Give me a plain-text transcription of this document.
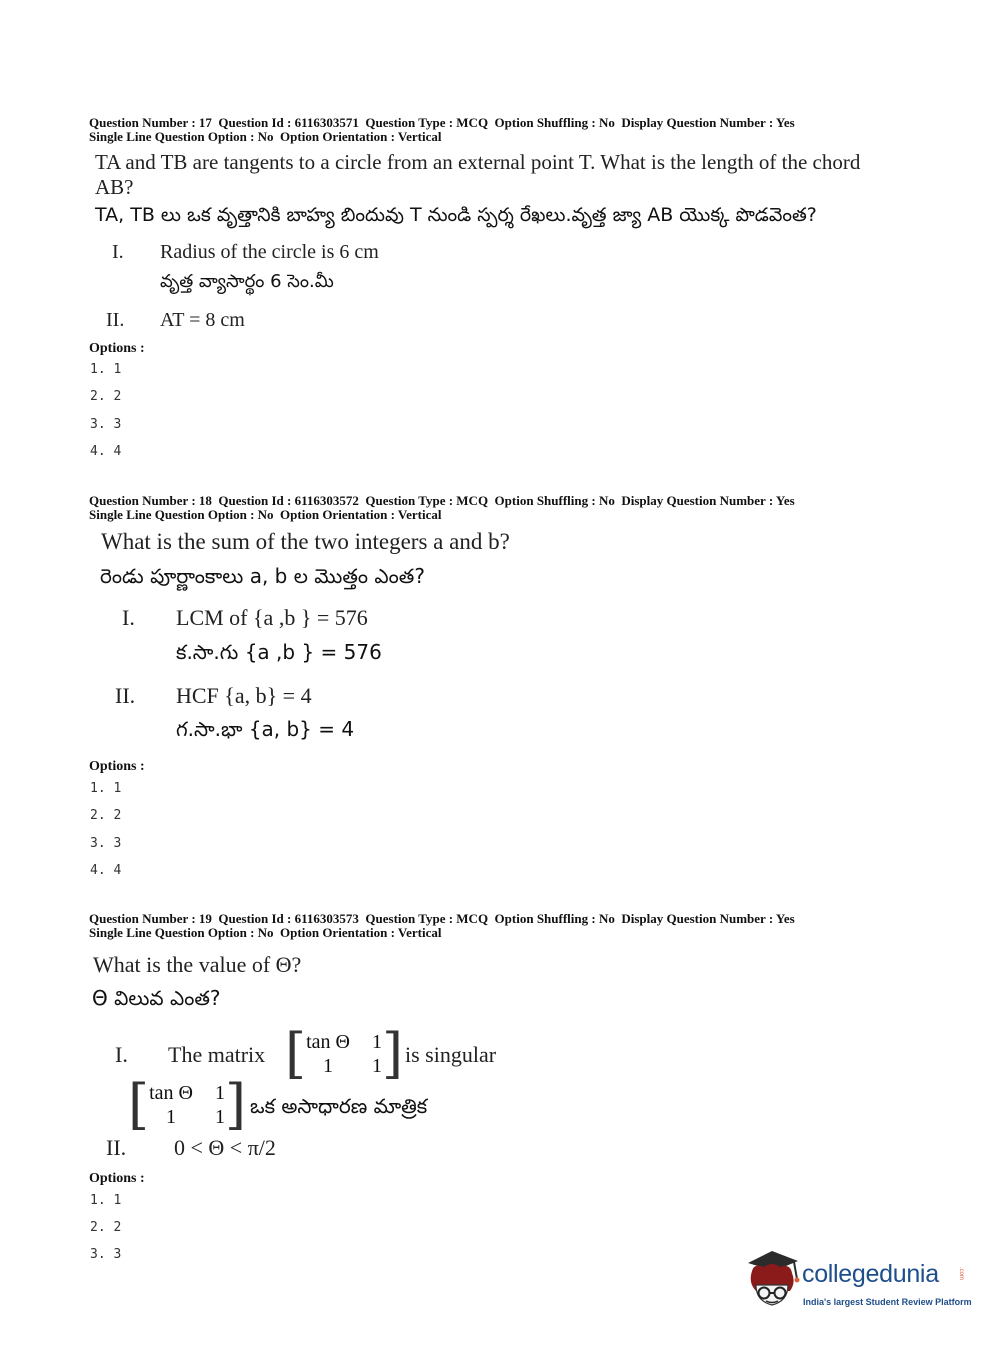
Question Number : 17  Question Id : 6116303571  Question Type : MCQ  Option Shuffling : No  Display Question Number : Yes
Single Line Question Option : No  Option Orientation : Vertical
TA and TB are tangents to a circle from an external point T. What is the length of the chord
AB?
TA, TB లు ఒక వృత్తానికి బాహ్య బిందువు T నుండి స్పర్శ రేఖలు.వృత్త జ్యా AB యొక్క పొడవెంత?
I. Radius of the circle is 6 cm
వృత్త వ్యాసార్థం 6 సెం.మీ
II. AT = 8 cm
Options :
1. 1
2. 2
3. 3
4. 4
Question Number : 18  Question Id : 6116303572  Question Type : MCQ  Option Shuffling : No  Display Question Number : Yes
Single Line Question Option : No  Option Orientation : Vertical
What is the sum of the two integers a and b?
రెండు పూర్ణాంకాలు a, b ల మొత్తం ఎంత?
I. LCM of {a ,b } = 576
క.సా.గు {a ,b } = 576
II. HCF {a, b} = 4
గ.సా.భా {a, b} = 4
Options :
1. 1
2. 2
3. 3
4. 4
Question Number : 19  Question Id : 6116303573  Question Type : MCQ  Option Shuffling : No  Display Question Number : Yes
Single Line Question Option : No  Option Orientation : Vertical
What is the value of Θ?
Θ విలువ ఎంత?
I. The matrix [ tan Θ 1
1	1 ] is singular
[ tan Θ 1
1	1 ] ఒక అసాధారణ మాత్రిక
II. 0 < Θ < π/2
Options :
1. 1
2. 2
3. 3
collegedunia	.com
India's largest Student Review Platform
